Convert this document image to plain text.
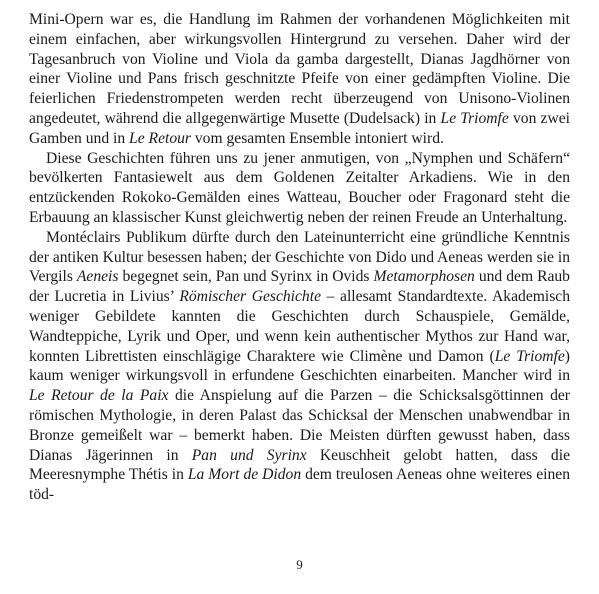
Mini-Opern war es, die Handlung im Rahmen der vorhandenen Möglichkeiten mit einem einfachen, aber wirkungsvollen Hintergrund zu versehen. Daher wird der Tagesanbruch von Violine und Viola da gamba dargestellt, Dianas Jagdhörner von einer Violine und Pans frisch geschnitzte Pfeife von einer gedämpften Violine. Die feierlichen Friedenstrompeten werden recht überzeugend von Unisono-Violinen angedeutet, während die allgegenwärtige Musette (Dudelsack) in Le Triomfe von zwei Gamben und in Le Retour vom gesamten Ensemble intoniert wird.

Diese Geschichten führen uns zu jener anmutigen, von „Nymphen und Schäfern“ bevölkerten Fantasiewelt aus dem Goldenen Zeitalter Arkadiens. Wie in den entzückenden Rokoko-Gemälden eines Watteau, Boucher oder Fragonard steht die Erbauung an klassischer Kunst gleichwertig neben der reinen Freude an Unterhaltung.

Montéclairs Publikum dürfte durch den Lateinunterricht eine gründliche Kenntnis der antiken Kultur besessen haben; der Geschichte von Dido und Aeneas werden sie in Vergils Aeneis begegnet sein, Pan und Syrinx in Ovids Metamorphosen und dem Raub der Lucretia in Livius’ Römischer Geschichte – allesamt Standardtexte. Akademisch weniger Gebildete kannten die Geschichten durch Schauspiele, Gemälde, Wandteppiche, Lyrik und Oper, und wenn kein authentischer Mythos zur Hand war, konnten Librettisten einschlägige Charaktere wie Climène und Damon (Le Triomfe) kaum weniger wirkungsvoll in erfundene Geschichten einarbeiten. Mancher wird in Le Retour de la Paix die Anspielung auf die Parzen – die Schicksalsgöttinnen der römischen Mythologie, in deren Palast das Schicksal der Menschen unabwendbar in Bronze gemeißelt war – bemerkt haben. Die Meisten dürften gewusst haben, dass Dianas Jägerinnen in Pan und Syrinx Keuschheit gelobt hatten, dass die Meeresnymphe Thétis in La Mort de Didon dem treulosen Aeneas ohne weiteres einen töd-

9
